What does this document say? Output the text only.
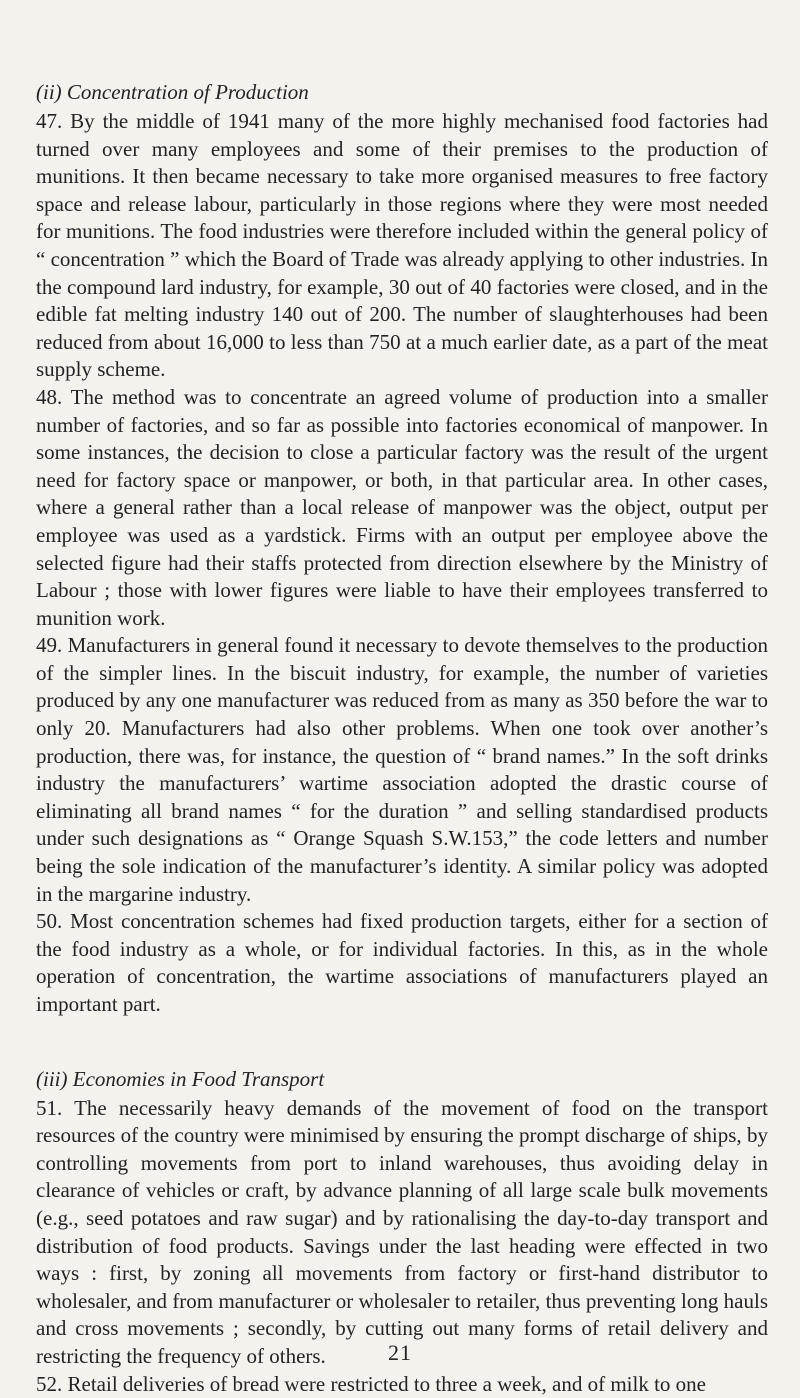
(ii) Concentration of Production

47. By the middle of 1941 many of the more highly mechanised food factories had turned over many employees and some of their premises to the production of munitions. It then became necessary to take more organised measures to free factory space and release labour, particularly in those regions where they were most needed for munitions. The food industries were therefore included within the general policy of “ concentration ” which the Board of Trade was already applying to other industries. In the compound lard industry, for example, 30 out of 40 factories were closed, and in the edible fat melting industry 140 out of 200. The number of slaughterhouses had been reduced from about 16,000 to less than 750 at a much earlier date, as a part of the meat supply scheme.

48. The method was to concentrate an agreed volume of production into a smaller number of factories, and so far as possible into factories economical of manpower. In some instances, the decision to close a particular factory was the result of the urgent need for factory space or manpower, or both, in that particular area. In other cases, where a general rather than a local release of manpower was the object, output per employee was used as a yardstick. Firms with an output per employee above the selected figure had their staffs protected from direction elsewhere by the Ministry of Labour ; those with lower figures were liable to have their employees transferred to munition work.

49. Manufacturers in general found it necessary to devote themselves to the production of the simpler lines. In the biscuit industry, for example, the number of varieties produced by any one manufacturer was reduced from as many as 350 before the war to only 20. Manufacturers had also other problems. When one took over another’s production, there was, for instance, the question of “ brand names.” In the soft drinks industry the manufacturers’ wartime association adopted the drastic course of eliminating all brand names “ for the duration ” and selling standardised products under such designations as “ Orange Squash S.W.153,” the code letters and number being the sole indication of the manufacturer’s identity. A similar policy was adopted in the margarine industry.

50. Most concentration schemes had fixed production targets, either for a section of the food industry as a whole, or for individual factories. In this, as in the whole operation of concentration, the wartime associations of manufacturers played an important part.

(iii) Economies in Food Transport

51. The necessarily heavy demands of the movement of food on the transport resources of the country were minimised by ensuring the prompt discharge of ships, by controlling movements from port to inland warehouses, thus avoiding delay in clearance of vehicles or craft, by advance planning of all large scale bulk movements (e.g., seed potatoes and raw sugar) and by rationalising the day-to-day transport and distribution of food products. Savings under the last heading were effected in two ways : first, by zoning all movements from factory or first-hand distributor to wholesaler, and from manufacturer or wholesaler to retailer, thus preventing long hauls and cross movements ; secondly, by cutting out many forms of retail delivery and restricting the frequency of others.

52. Retail deliveries of bread were restricted to three a week, and of milk to one

21
